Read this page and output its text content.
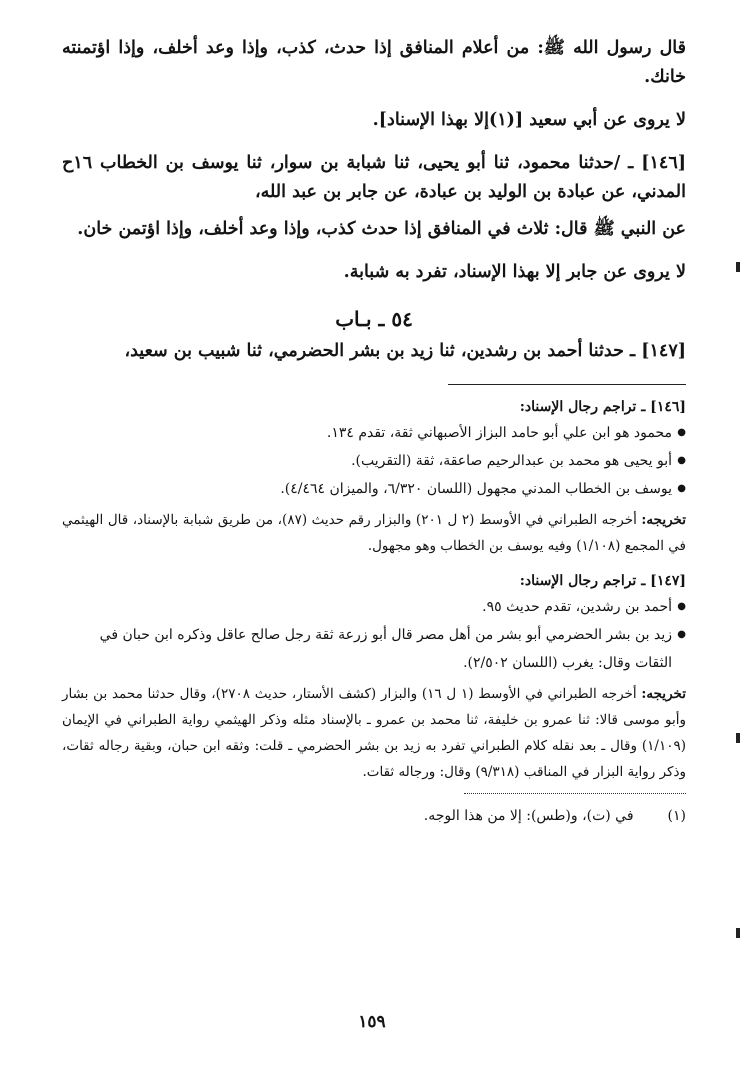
قال رسول الله ﷺ: من أعلام المنافق إذا حدث، كذب، وإذا وعد أخلف، وإذا اؤتمنته خانك.

لا يروى عن أبي سعيد [(١)إلا بهذا الإسناد].

[١٤٦] ـ /حدثنا محمود، ثنا أبو يحيى، ثنا شبابة بن سوار، ثنا يوسف بن الخطاب ١٦ح المدني، عن عبادة بن الوليد بن عبادة، عن جابر بن عبد الله،

عن النبي ﷺ قال: ثلاث في المنافق إذا حدث كذب، وإذا وعد أخلف، وإذا اؤتمن خان.

لا يروى عن جابر إلا بهذا الإسناد، تفرد به شبابة.

٥٤ ـ بـاب

[١٤٧] ـ حدثنا أحمد بن رشدين، ثنا زيد بن بشر الحضرمي، ثنا شبيب بن سعيد،

[١٤٦] ـ تراجم رجال الإسناد:
● محمود هو ابن علي أبو حامد البزاز الأصبهاني ثقة، تقدم ١٣٤.
● أبو يحيى هو محمد بن عبدالرحيم صاعقة، ثقة (التقريب).
● يوسف بن الخطاب المدني مجهول (اللسان ٦/٣٢٠، والميزان ٤/٤٦٤).
تخريجه: أخرجه الطبراني في الأوسط (٢ ل ٢٠١) والبزار رقم حديث (٨٧)، من طريق شبابة بالإسناد، قال الهيثمي في المجمع (١/١٠٨) وفيه يوسف بن الخطاب وهو مجهول.
[١٤٧] ـ تراجم رجال الإسناد:
● أحمد بن رشدين، تقدم حديث ٩٥.
● زيد بن بشر الحضرمي أبو بشر من أهل مصر قال أبو زرعة ثقة رجل صالح عاقل وذكره ابن حبان في الثقات وقال: يغرب (اللسان ٢/٥٠٢).
تخريجه: أخرجه الطبراني في الأوسط (١ ل ١٦) والبزار (كشف الأستار، حديث ٢٧٠٨)، وقال حدثنا محمد بن بشار وأبو موسى قالا: ثنا عمرو بن خليفة، ثنا محمد بن عمرو ـ بالإسناد مثله وذكر الهيثمي رواية الطبراني في الإيمان (١/١٠٩) وقال ـ بعد نقله كلام الطبراني تفرد به زيد بن بشر الحضرمي ـ قلت: وثقه ابن حبان، وبقية رجاله ثقات، وذكر رواية البزار في المناقب (٩/٣١٨) وقال: ورجاله ثقات.
(١)
في (ت)، و(طس): إلا من هذا الوجه.
١٥٩
